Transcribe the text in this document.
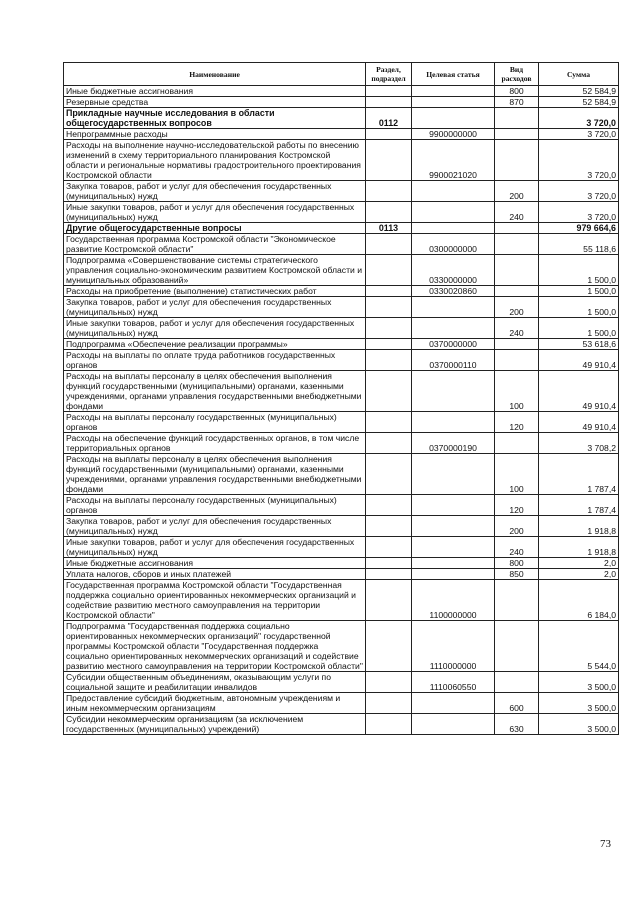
Наименование	Раздел, подраздел	Целевая статья	Вид расходов	Сумма
Иные бюджетные ассигнования			800	52 584,9
Резервные средства			870	52 584,9
Прикладные научные исследования в области общегосударственных вопросов	0112			3 720,0
Непрограммные расходы		9900000000		3 720,0
Расходы на выполнение научно-исследовательской работы по внесению изменений в схему территориального планирования Костромской области и региональные нормативы градостроительного проектирования Костромской области		9900021020		3 720,0
Закупка товаров, работ и услуг для обеспечения государственных (муниципальных) нужд			200	3 720,0
Иные закупки товаров, работ и услуг для обеспечения государственных (муниципальных) нужд			240	3 720,0
Другие общегосударственные вопросы	0113			979 664,6
Государственная программа Костромской области "Экономическое развитие Костромской области"		0300000000		55 118,6
Подпрограмма «Совершенствование системы стратегического управления социально-экономическим развитием Костромской области и муниципальных образований»		0330000000		1 500,0
Расходы на приобретение (выполнение) статистических работ		0330020860		1 500,0
Закупка товаров, работ и услуг для обеспечения государственных (муниципальных) нужд			200	1 500,0
Иные закупки товаров, работ и услуг для обеспечения государственных (муниципальных) нужд			240	1 500,0
Подпрограмма «Обеспечение реализации программы»		0370000000		53 618,6
Расходы на выплаты по оплате труда работников государственных органов		0370000110		49 910,4
Расходы на выплаты персоналу в целях обеспечения выполнения функций государственными (муниципальными) органами, казенными учреждениями, органами управления государственными внебюджетными фондами			100	49 910,4
Расходы на выплаты персоналу государственных (муниципальных) органов			120	49 910,4
Расходы на обеспечение функций государственных органов, в том числе территориальных органов		0370000190		3 708,2
Расходы на выплаты персоналу в целях обеспечения выполнения функций государственными (муниципальными) органами, казенными учреждениями, органами управления государственными внебюджетными фондами			100	1 787,4
Расходы на выплаты персоналу государственных (муниципальных) органов			120	1 787,4
Закупка товаров, работ и услуг для обеспечения государственных (муниципальных) нужд			200	1 918,8
Иные закупки товаров, работ и услуг для обеспечения государственных (муниципальных) нужд			240	1 918,8
Иные бюджетные ассигнования			800	2,0
Уплата налогов, сборов и иных платежей			850	2,0
Государственная программа Костромской области "Государственная поддержка социально ориентированных некоммерческих организаций и содействие развитию местного самоуправления на территории Костромской области"		1100000000		6 184,0
Подпрограмма "Государственная поддержка социально ориентированных некоммерческих организаций" государственной программы Костромской области "Государственная поддержка социально ориентированных некоммерческих организаций и содействие развитию местного самоуправления на территории Костромской области"		1110000000		5 544,0
Субсидии общественным объединениям, оказывающим услуги по социальной защите и реабилитации инвалидов		1110060550		3 500,0
Предоставление субсидий бюджетным, автономным учреждениям и иным некоммерческим организациям			600	3 500,0
Субсидии некоммерческим организациям (за исключением государственных (муниципальных) учреждений)			630	3 500,0
73
